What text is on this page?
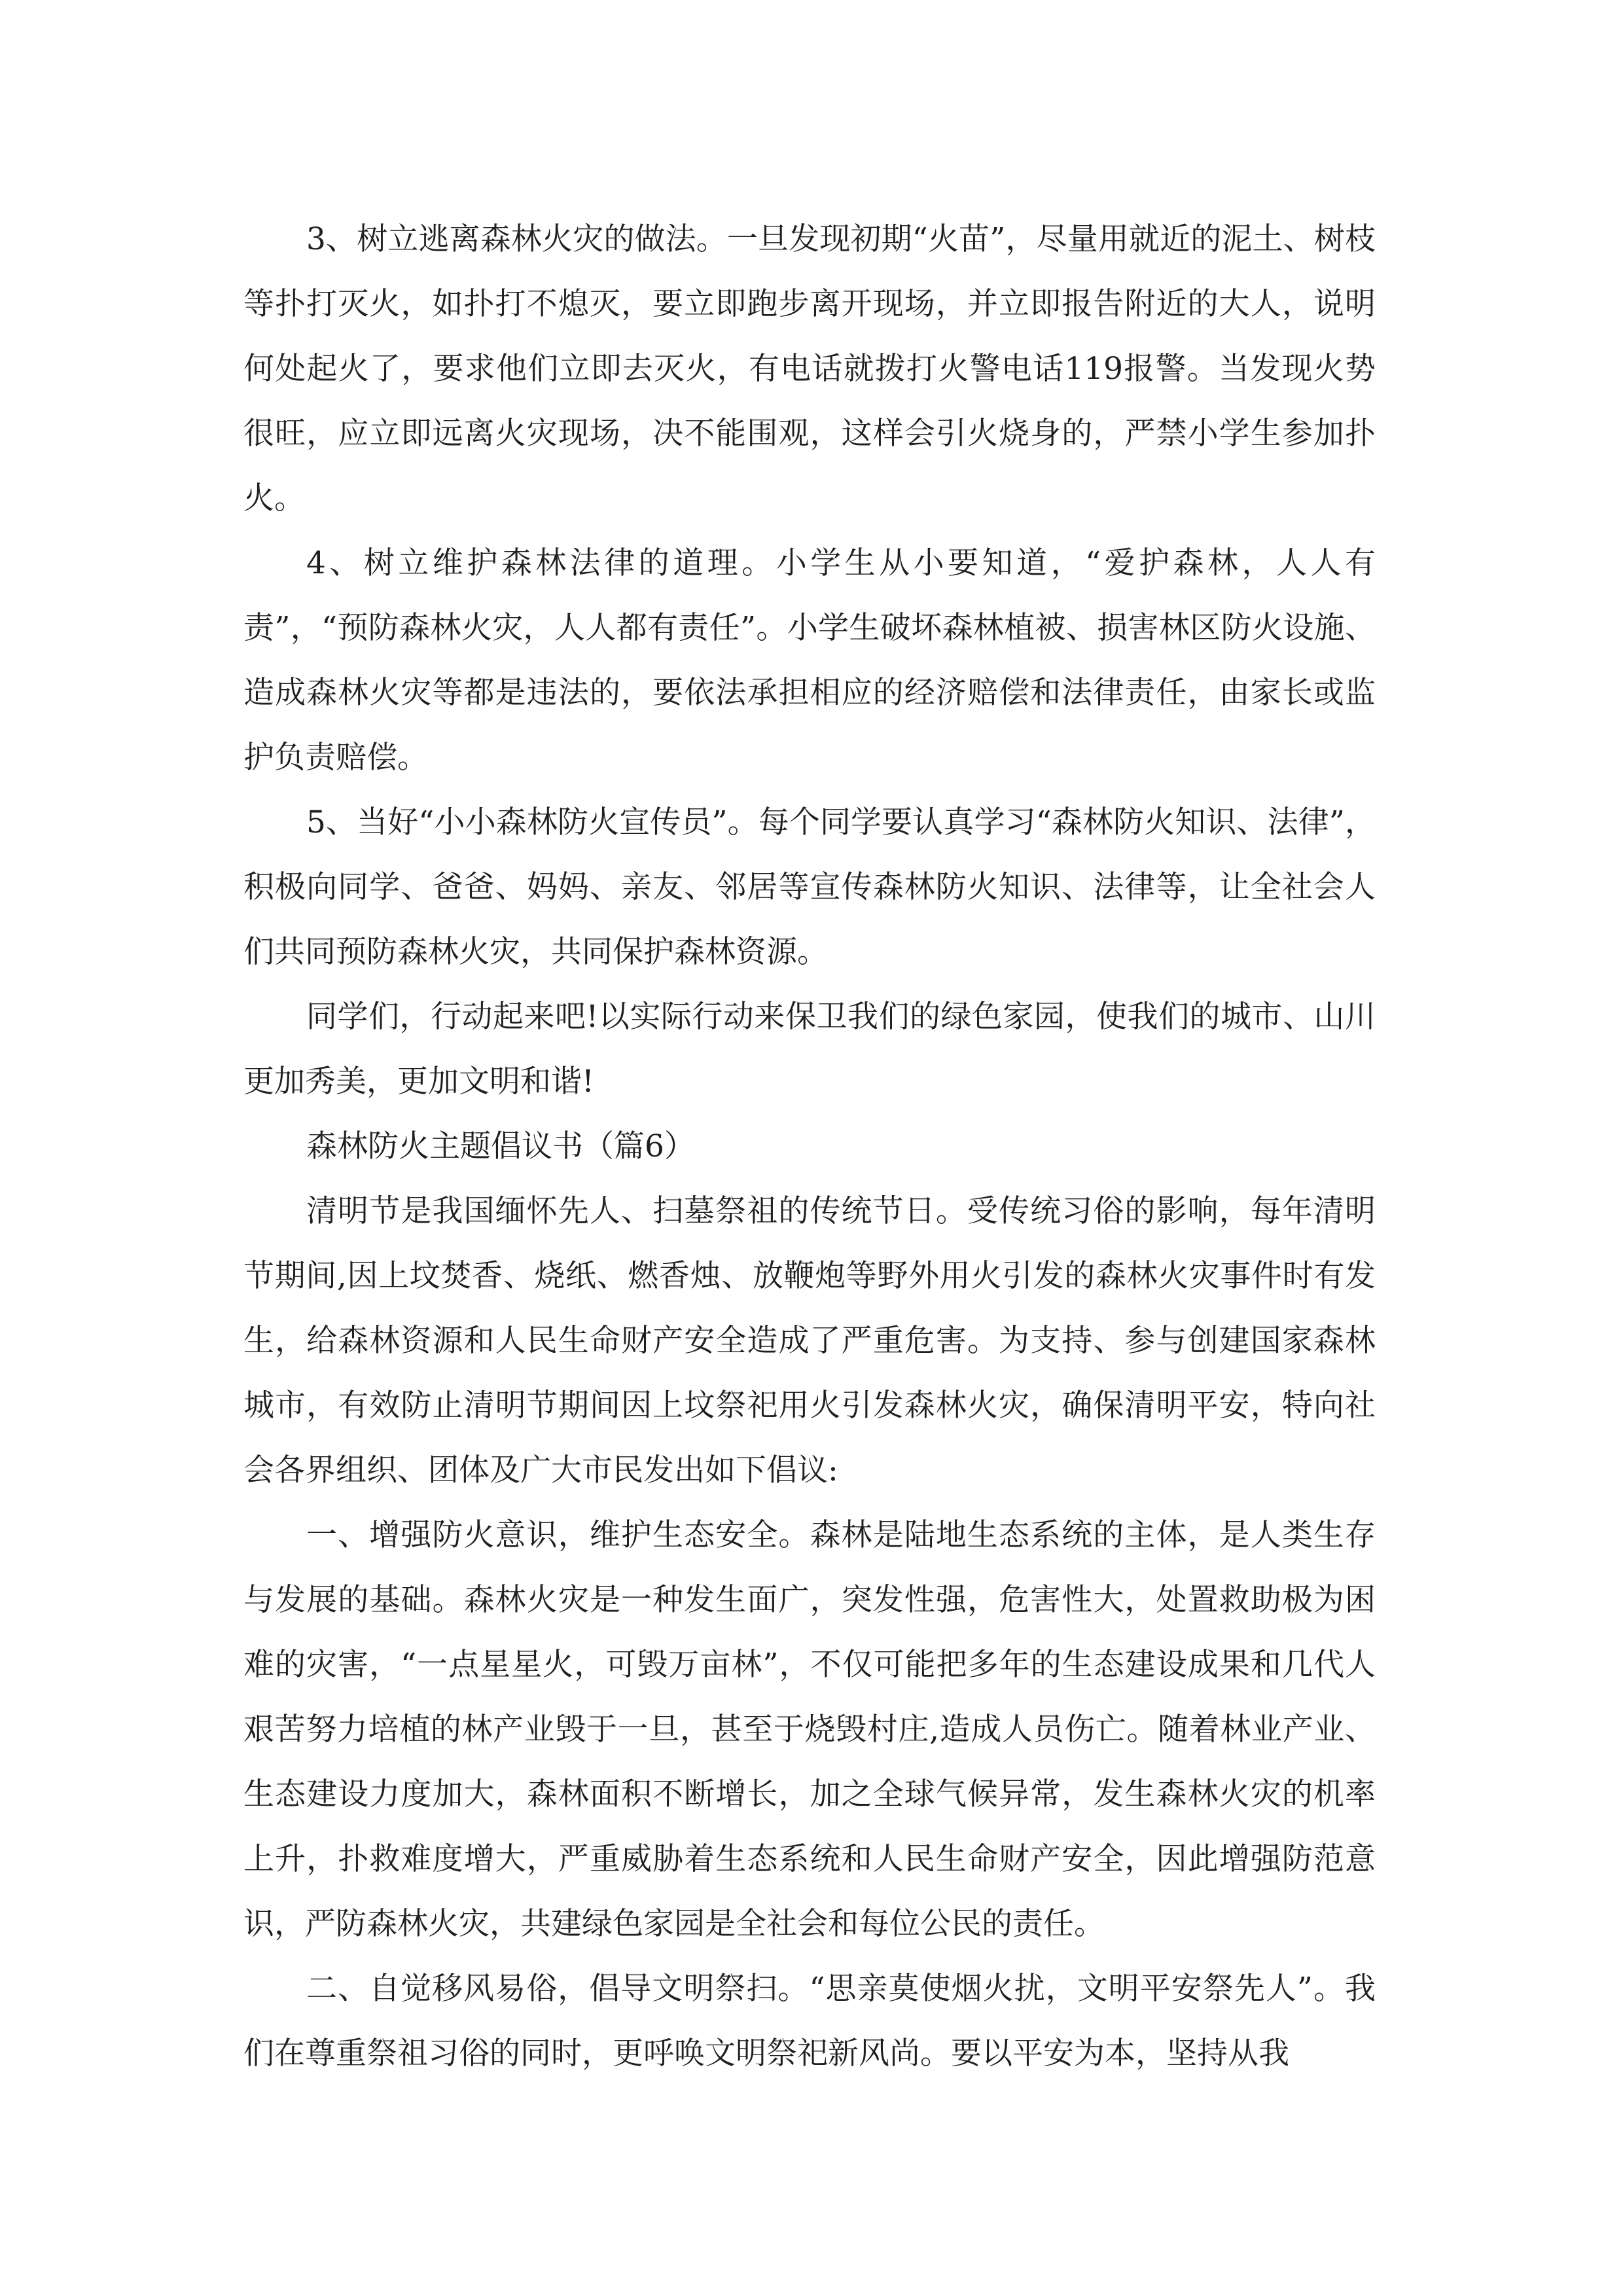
3、树立逃离森林火灾的做法。一旦发现初期“火苗”，尽量用就近的泥土、树枝等扑打灭火，如扑打不熄灭，要立即跑步离开现场，并立即报告附近的大人，说明何处起火了，要求他们立即去灭火，有电话就拨打火警电话119报警。当发现火势很旺，应立即远离火灾现场，决不能围观，这样会引火烧身的，严禁小学生参加扑火。

4、树立维护森林法律的道理。小学生从小要知道，“爱护森林，人人有责”，“预防森林火灾，人人都有责任”。小学生破坏森林植被、损害林区防火设施、造成森林火灾等都是违法的，要依法承担相应的经济赔偿和法律责任，由家长或监护负责赔偿。

5、当好“小小森林防火宣传员”。每个同学要认真学习“森林防火知识、法律”，积极向同学、爸爸、妈妈、亲友、邻居等宣传森林防火知识、法律等，让全社会人们共同预防森林火灾，共同保护森林资源。

同学们，行动起来吧!以实际行动来保卫我们的绿色家园，使我们的城市、山川更加秀美，更加文明和谐!

森林防火主题倡议书（篇6）

清明节是我国缅怀先人、扫墓祭祖的传统节日。受传统习俗的影响，每年清明节期间,因上坟焚香、烧纸、燃香烛、放鞭炮等野外用火引发的森林火灾事件时有发生，给森林资源和人民生命财产安全造成了严重危害。为支持、参与创建国家森林城市，有效防止清明节期间因上坟祭祀用火引发森林火灾，确保清明平安，特向社会各界组织、团体及广大市民发出如下倡议:

一、增强防火意识，维护生态安全。森林是陆地生态系统的主体，是人类生存与发展的基础。森林火灾是一种发生面广，突发性强，危害性大，处置救助极为困难的灾害，“一点星星火，可毁万亩林”，不仅可能把多年的生态建设成果和几代人艰苦努力培植的林产业毁于一旦，甚至于烧毁村庄,造成人员伤亡。随着林业产业、生态建设力度加大，森林面积不断增长，加之全球气候异常，发生森林火灾的机率上升，扑救难度增大，严重威胁着生态系统和人民生命财产安全，因此增强防范意识，严防森林火灾，共建绿色家园是全社会和每位公民的责任。

二、自觉移风易俗，倡导文明祭扫。“思亲莫使烟火扰，文明平安祭先人”。我们在尊重祭祖习俗的同时，更呼唤文明祭祀新风尚。要以平安为本，坚持从我
